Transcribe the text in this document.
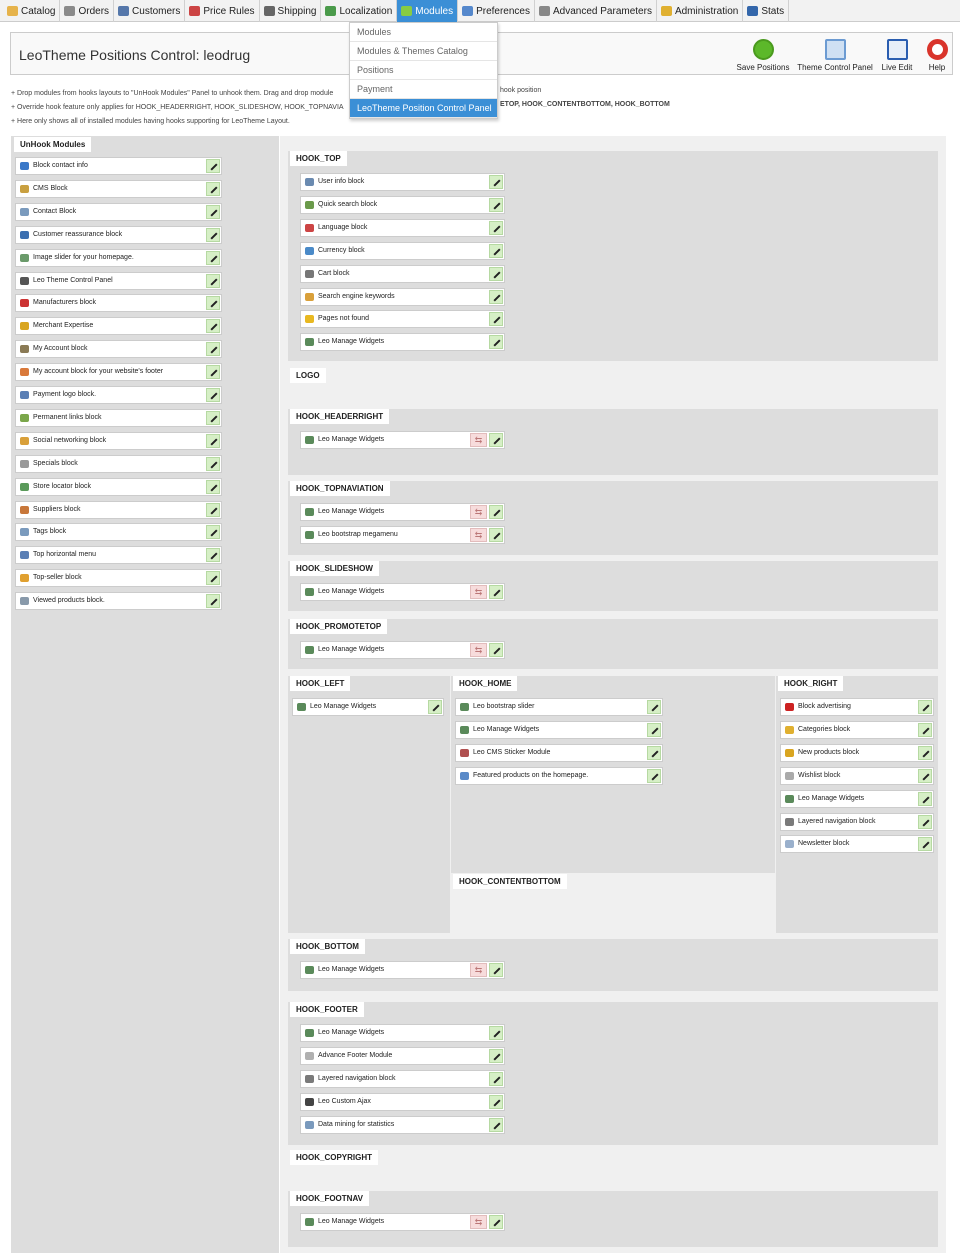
Catalog Orders Customers Price Rules Shipping Localization Modules Preferences Advanced Parameters Administration Stats
Modules
Modules & Themes Catalog
Positions
Payment
LeoTheme Position Control Panel
LeoTheme Positions Control: leodrug
Save Positions Theme Control Panel	Live Edit	Help
+ Drop modules from hooks layouts to "UnHook Modules" Panel to unhook them. Drag and drop module
+ Override hook feature only applies for HOOK_HEADERRIGHT, HOOK_SLIDESHOW, HOOK_TOPNAVIA
+ Here only shows all of installed modules having hooks supporting for LeoTheme Layout.
hook position
ETOP, HOOK_CONTENTBOTTOM, HOOK_BOTTOM
UnHook Modules
Block contact info
CMS Block
Contact Block
Customer reassurance block
Image slider for your homepage.
Leo Theme Control Panel
Manufacturers block
Merchant Expertise
My Account block
My account block for your website's footer
Payment logo block.
Permanent links block
Social networking block
Specials block
Store locator block
Suppliers block
Tags block
Top horizontal menu
Top-seller block
Viewed products block.
HOOK_TOP
User info block
Quick search block
Language block
Currency block
Cart block
Search engine keywords
Pages not found
Leo Manage Widgets
LOGO
HOOK_HEADERRIGHT
Leo Manage Widgets	⇆
HOOK_TOPNAVIATION
Leo Manage Widgets	⇆
Leo bootstrap megamenu	⇆
HOOK_SLIDESHOW
Leo Manage Widgets	⇆
HOOK_PROMOTETOP
Leo Manage Widgets	⇆
HOOK_LEFT
Leo Manage Widgets
HOOK_HOME
Leo bootstrap slider
Leo Manage Widgets
Leo CMS Sticker Module
Featured products on the homepage.
HOOK_CONTENTBOTTOM
HOOK_RIGHT
Block advertising
Categories block
New products block
Wishlist block
Leo Manage Widgets
Layered navigation block
Newsletter block
HOOK_BOTTOM
Leo Manage Widgets	⇆
HOOK_FOOTER
Leo Manage Widgets
Advance Footer Module
Layered navigation block
Leo Custom Ajax
Data mining for statistics
HOOK_COPYRIGHT
HOOK_FOOTNAV
Leo Manage Widgets	⇆
